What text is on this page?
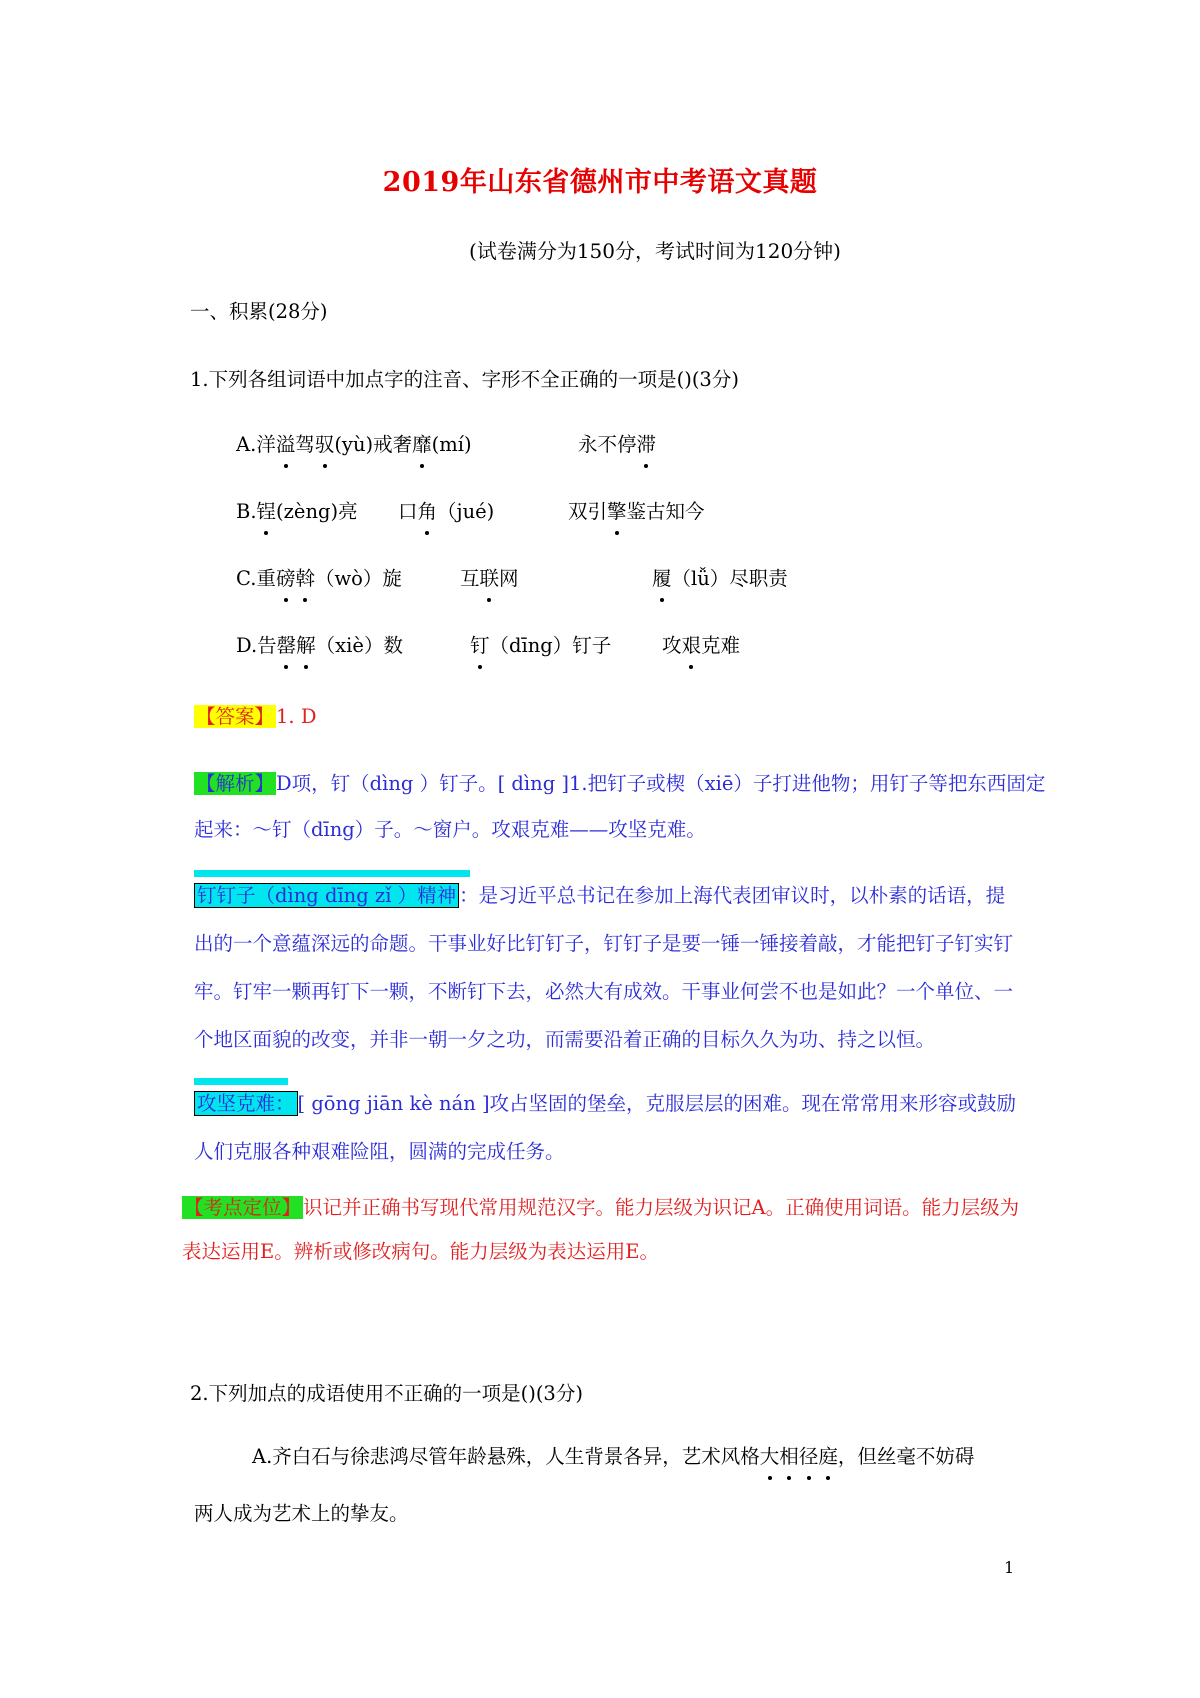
2019年山东省德州市中考语文真题
(试卷满分为150分，考试时间为120分钟)
一、积累(28分)
1.下列各组词语中加点字的注音、字形不全正确的一项是()(3分)
A.洋溢驾驭(yù)戒奢靡(mí)	永不停滞
B.锃(zèng)亮 口角（jué)	双引擎鉴古知今
C.重磅斡（wò）旋	互联网	履（lǚ）尽职责
D.告罄解（xiè）数	钉（dīng）钉子	攻艰克难
【答案】 1. D
【解析】 D项，钉（dìng ）钉子。[ dìng ]1.把钉子或楔（xiē）子打进他物；用钉子等把东西固定
起来：～钉（dīng）子。～窗户。攻艰克难——攻坚克难。
钉钉子（dìng dīng zǐ ）精神 ：是习近平总书记在参加上海代表团审议时，以朴素的话语，提出的一个意蕴深远的命题。干事业好比钉钉子，钉钉子是要一锤一锤接着敲，才能把钉子钉实钉牢。钉牢一颗再钉下一颗，不断钉下去，必然大有成效。干事业何尝不也是如此？一个单位、一个地区面貌的改变，并非一朝一夕之功，而需要沿着正确的目标久久为功、持之以恒。
攻坚克难： [ gōng jiān kè nán ]攻占坚固的堡垒，克服层层的困难。现在常常用来形容或鼓励人们克服各种艰难险阻，圆满的完成任务。
【考点定位】 识记并正确书写现代常用规范汉字。能力层级为识记A。正确使用词语。能力层级为表达运用E。辨析或修改病句。能力层级为表达运用E。
2.下列加点的成语使用不正确的一项是()(3分)
A.齐白石与徐悲鸿尽管年龄悬殊，人生背景各异，艺术风格大相径庭，但丝毫不妨碍
两人成为艺术上的挚友。
1
